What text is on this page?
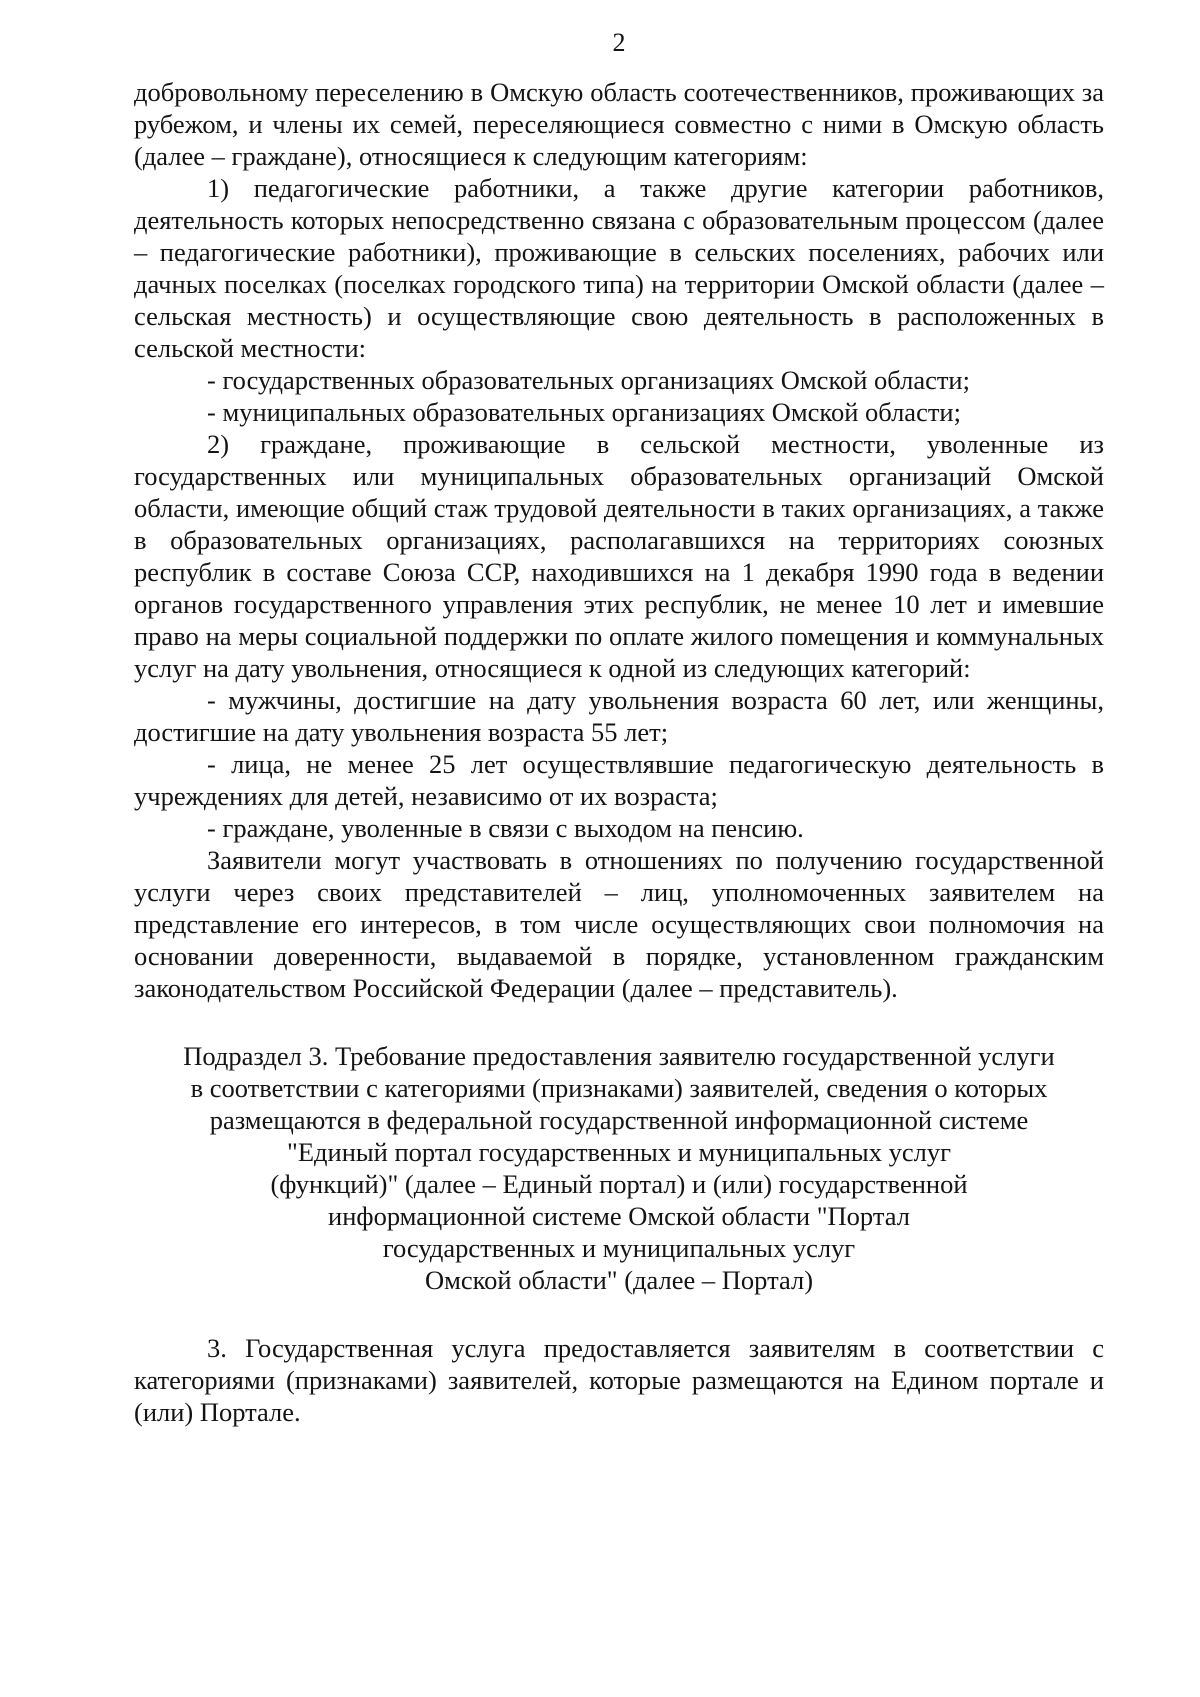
2

добровольному переселению в Омскую область соотечественников, проживающих за рубежом, и члены их семей, переселяющиеся совместно с ними в Омскую область (далее – граждане), относящиеся к следующим категориям:

1) педагогические работники, а также другие категории работников, деятельность которых непосредственно связана с образовательным процессом (далее – педагогические работники), проживающие в сельских поселениях, рабочих или дачных поселках (поселках городского типа) на территории Омской области (далее – сельская местность) и осуществляющие свою деятельность в расположенных в сельской местности:

- государственных образовательных организациях Омской области;

- муниципальных образовательных организациях Омской области;

2) граждане, проживающие в сельской местности, уволенные из государственных или муниципальных образовательных организаций Омской области, имеющие общий стаж трудовой деятельности в таких организациях, а также в образовательных организациях, располагавшихся на территориях союзных республик в составе Союза ССР, находившихся на 1 декабря 1990 года в ведении органов государственного управления этих республик, не менее 10 лет и имевшие право на меры социальной поддержки по оплате жилого помещения и коммунальных услуг на дату увольнения, относящиеся к одной из следующих категорий:

- мужчины, достигшие на дату увольнения возраста 60 лет, или женщины, достигшие на дату увольнения возраста 55 лет;

- лица, не менее 25 лет осуществлявшие педагогическую деятельность в учреждениях для детей, независимо от их возраста;

- граждане, уволенные в связи с выходом на пенсию.

Заявители могут участвовать в отношениях по получению государственной услуги через своих представителей – лиц, уполномоченных заявителем на представление его интересов, в том числе осуществляющих свои полномочия на основании доверенности, выдаваемой в порядке, установленном гражданским законодательством Российской Федерации (далее – представитель).

Подраздел 3. Требование предоставления заявителю государственной услуги
в соответствии с категориями (признаками) заявителей, сведения о которых
размещаются в федеральной государственной информационной системе
"Единый портал государственных и муниципальных услуг
(функций)" (далее – Единый портал) и (или) государственной
информационной системе Омской области "Портал
государственных и муниципальных услуг
Омской области" (далее – Портал)

3. Государственная услуга предоставляется заявителям в соответствии с категориями (признаками) заявителей, которые размещаются на Едином портале и (или) Портале.
